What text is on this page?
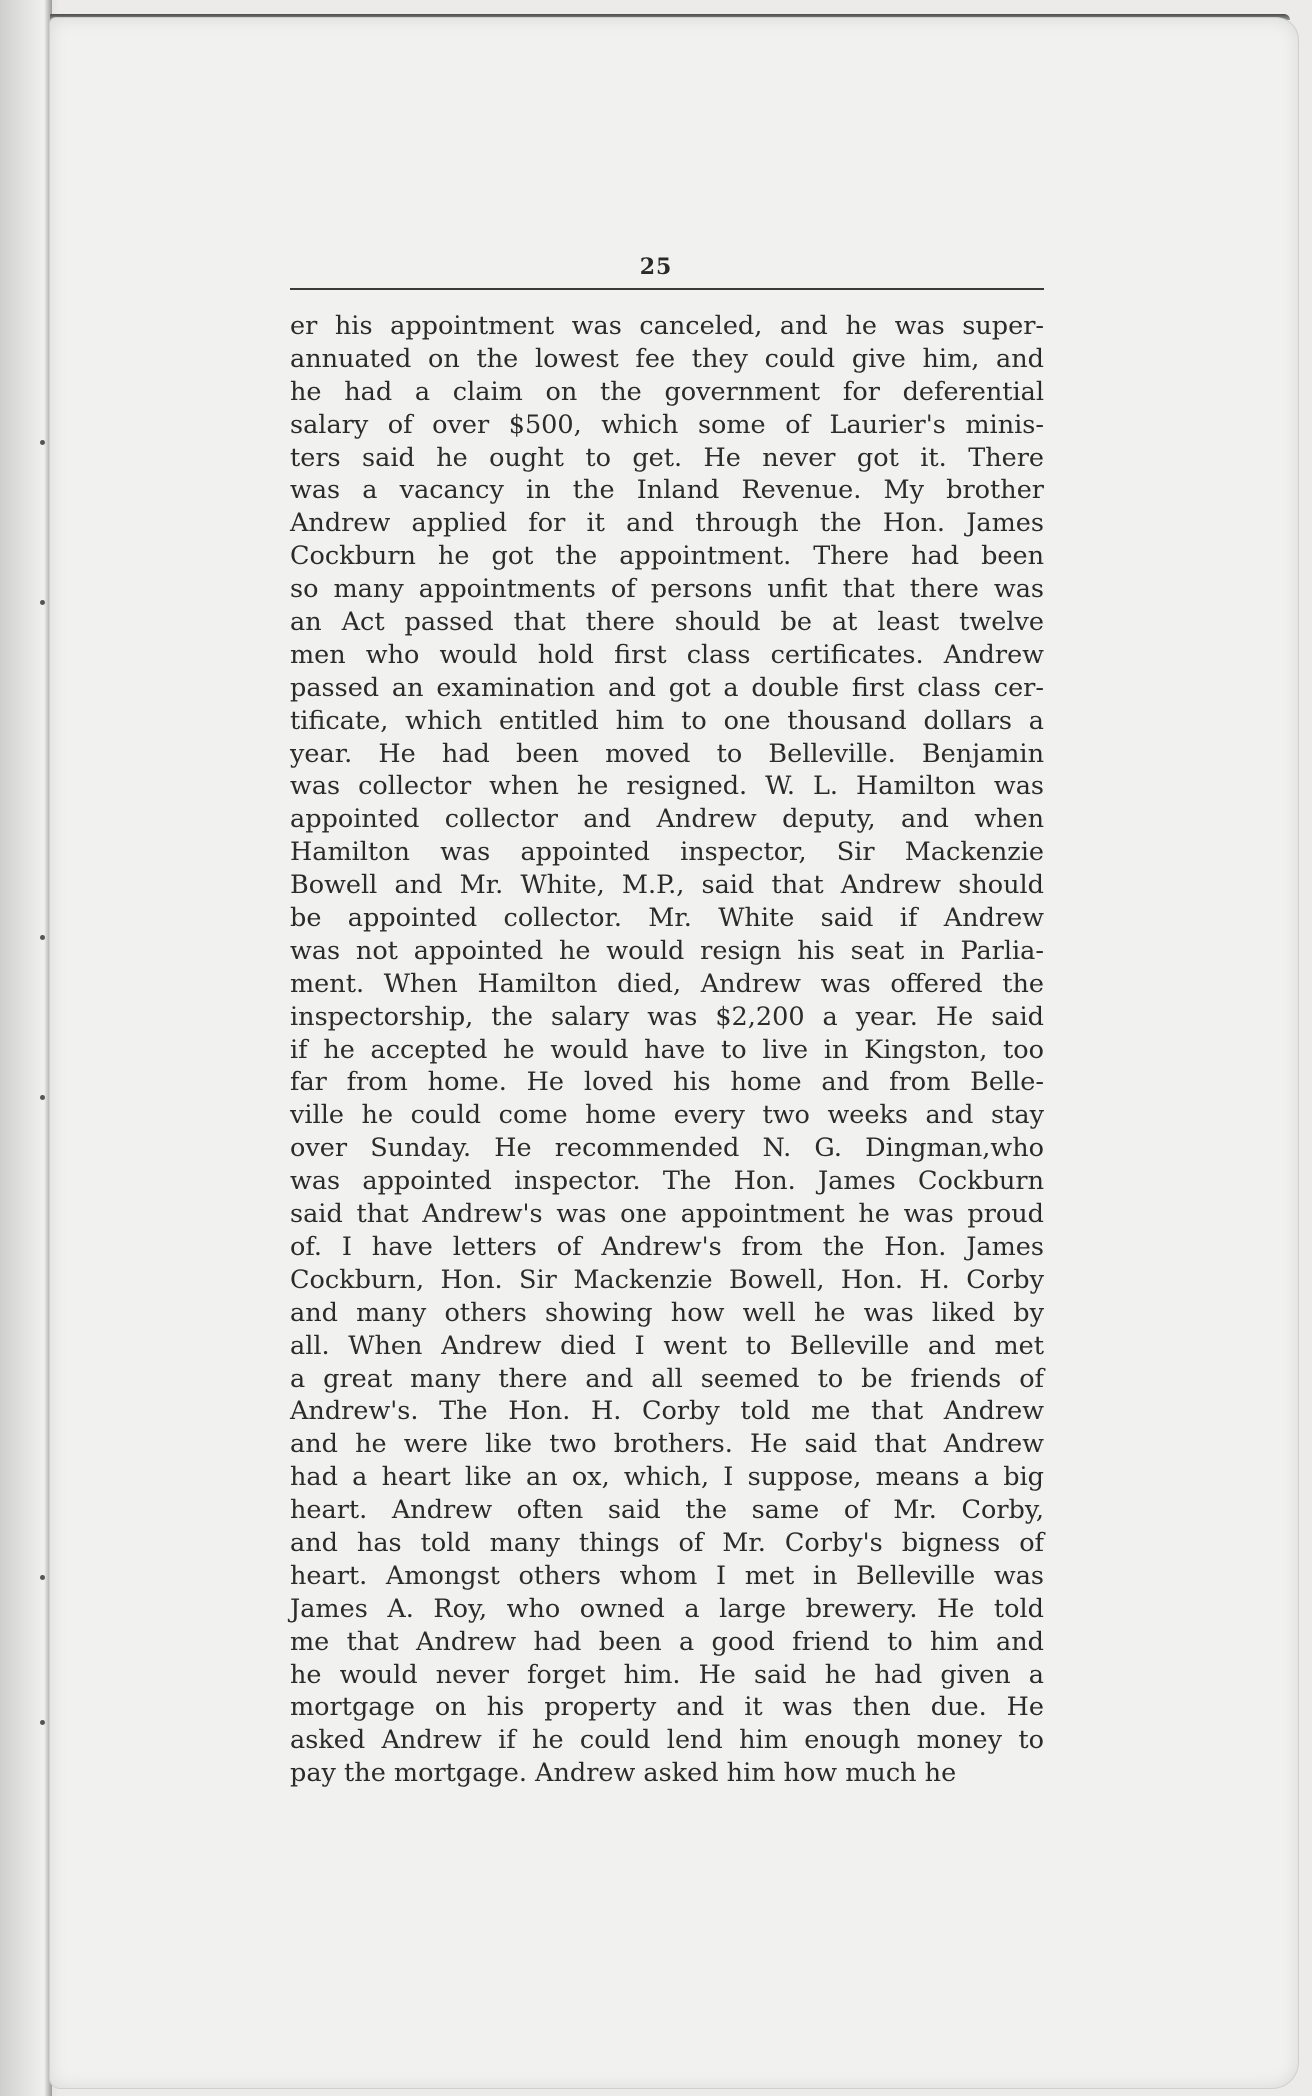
25
er his appointment was canceled, and he was super-
annuated on the lowest fee they could give him, and
he had a claim on the government for deferential
salary of over $500, which some of Laurier's minis-
ters said he ought to get. He never got it. There
was a vacancy in the Inland Revenue. My brother
Andrew applied for it and through the Hon. James
Cockburn he got the appointment. There had been
so many appointments of persons unfit that there was
an Act passed that there should be at least twelve
men who would hold first class certificates. Andrew
passed an examination and got a double first class cer-
tificate, which entitled him to one thousand dollars a
year. He had been moved to Belleville. Benjamin
was collector when he resigned. W. L. Hamilton was
appointed collector and Andrew deputy, and when
Hamilton was appointed inspector, Sir Mackenzie
Bowell and Mr. White, M.P., said that Andrew should
be appointed collector. Mr. White said if Andrew
was not appointed he would resign his seat in Parlia-
ment. When Hamilton died, Andrew was offered the
inspectorship, the salary was $2,200 a year. He said
if he accepted he would have to live in Kingston, too
far from home. He loved his home and from Belle-
ville he could come home every two weeks and stay
over Sunday. He recommended N. G. Dingman,who
was appointed inspector. The Hon. James Cockburn
said that Andrew's was one appointment he was proud
of. I have letters of Andrew's from the Hon. James
Cockburn, Hon. Sir Mackenzie Bowell, Hon. H. Corby
and many others showing how well he was liked by
all. When Andrew died I went to Belleville and met
a great many there and all seemed to be friends of
Andrew's. The Hon. H. Corby told me that Andrew
and he were like two brothers. He said that Andrew
had a heart like an ox, which, I suppose, means a big
heart. Andrew often said the same of Mr. Corby,
and has told many things of Mr. Corby's bigness of
heart. Amongst others whom I met in Belleville was
James A. Roy, who owned a large brewery. He told
me that Andrew had been a good friend to him and
he would never forget him. He said he had given a
mortgage on his property and it was then due. He
asked Andrew if he could lend him enough money to
pay the mortgage. Andrew asked him how much he
